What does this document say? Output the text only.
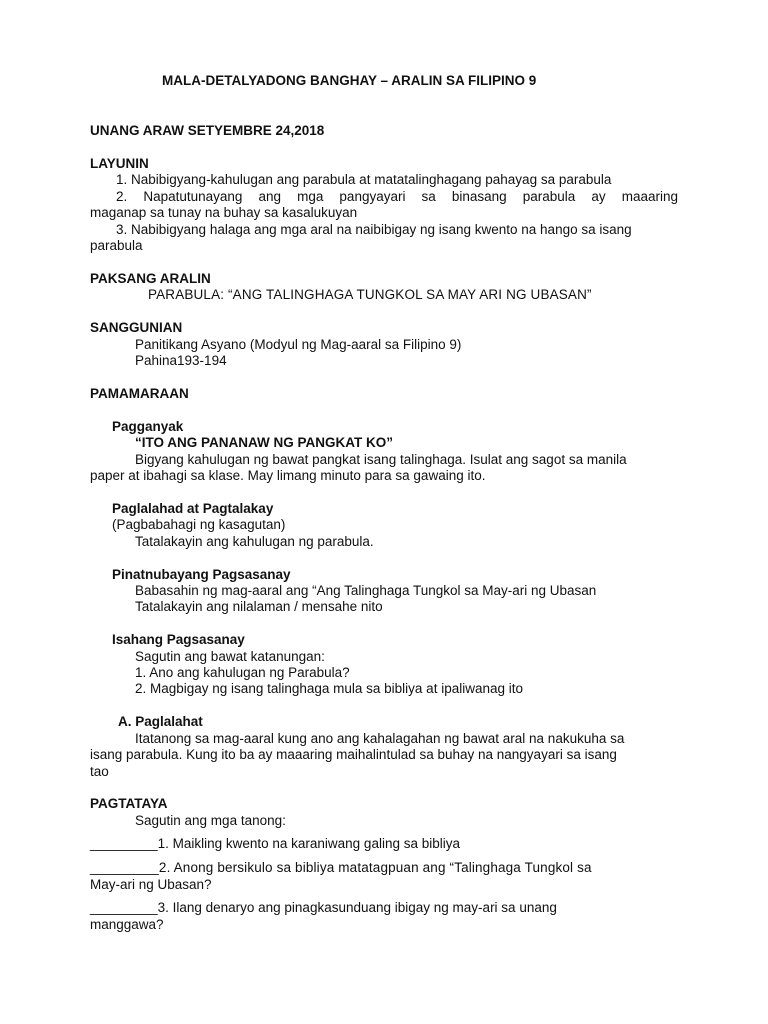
MALA-DETALYADONG BANGHAY – ARALIN SA FILIPINO 9
UNANG ARAW SETYEMBRE 24,2018
LAYUNIN
1. Nabibigyang-kahulugan ang parabula at matatalinghagang pahayag sa parabula
2. Napatutunayang ang mga pangyayari sa binasang parabula ay maaaring
maganap sa tunay na buhay sa kasalukuyan
3. Nabibigyang halaga ang mga aral na naibibigay ng isang kwento na hango sa isang
parabula
PAKSANG ARALIN
PARABULA: “ANG TALINGHAGA TUNGKOL SA MAY ARI NG UBASAN”
SANGGUNIAN
Panitikang Asyano (Modyul ng Mag-aaral sa Filipino 9)
Pahina193-194
PAMAMARAAN
Pagganyak
“ITO ANG PANANAW NG PANGKAT KO”
Bigyang kahulugan ng bawat pangkat isang talinghaga. Isulat ang sagot sa manila
paper at ibahagi sa klase. May limang minuto para sa gawaing ito.
Paglalahad at Pagtalakay
(Pagbabahagi ng kasagutan)
Tatalakayin ang kahulugan ng parabula.
Pinatnubayang Pagsasanay
Babasahin ng mag-aaral ang “Ang Talinghaga Tungkol sa May-ari ng Ubasan
Tatalakayin ang nilalaman / mensahe nito
Isahang Pagsasanay
Sagutin ang bawat katanungan:
1. Ano ang kahulugan ng Parabula?
2. Magbigay ng isang talinghaga mula sa bibliya at ipaliwanag ito
A. Paglalahat
Itatanong sa mag-aaral kung ano ang kahalagahan ng bawat aral na nakukuha sa
isang parabula. Kung ito ba ay maaaring maihalintulad sa buhay na nangyayari sa isang
tao
PAGTATAYA
Sagutin ang mga tanong:
_________1. Maikling kwento na karaniwang galing sa bibliya
_________2. Anong bersikulo sa bibliya matatagpuan ang “Talinghaga Tungkol sa
May-ari ng Ubasan?
_________3. Ilang denaryo ang pinagkasunduang ibigay ng may-ari sa unang
manggawa?
